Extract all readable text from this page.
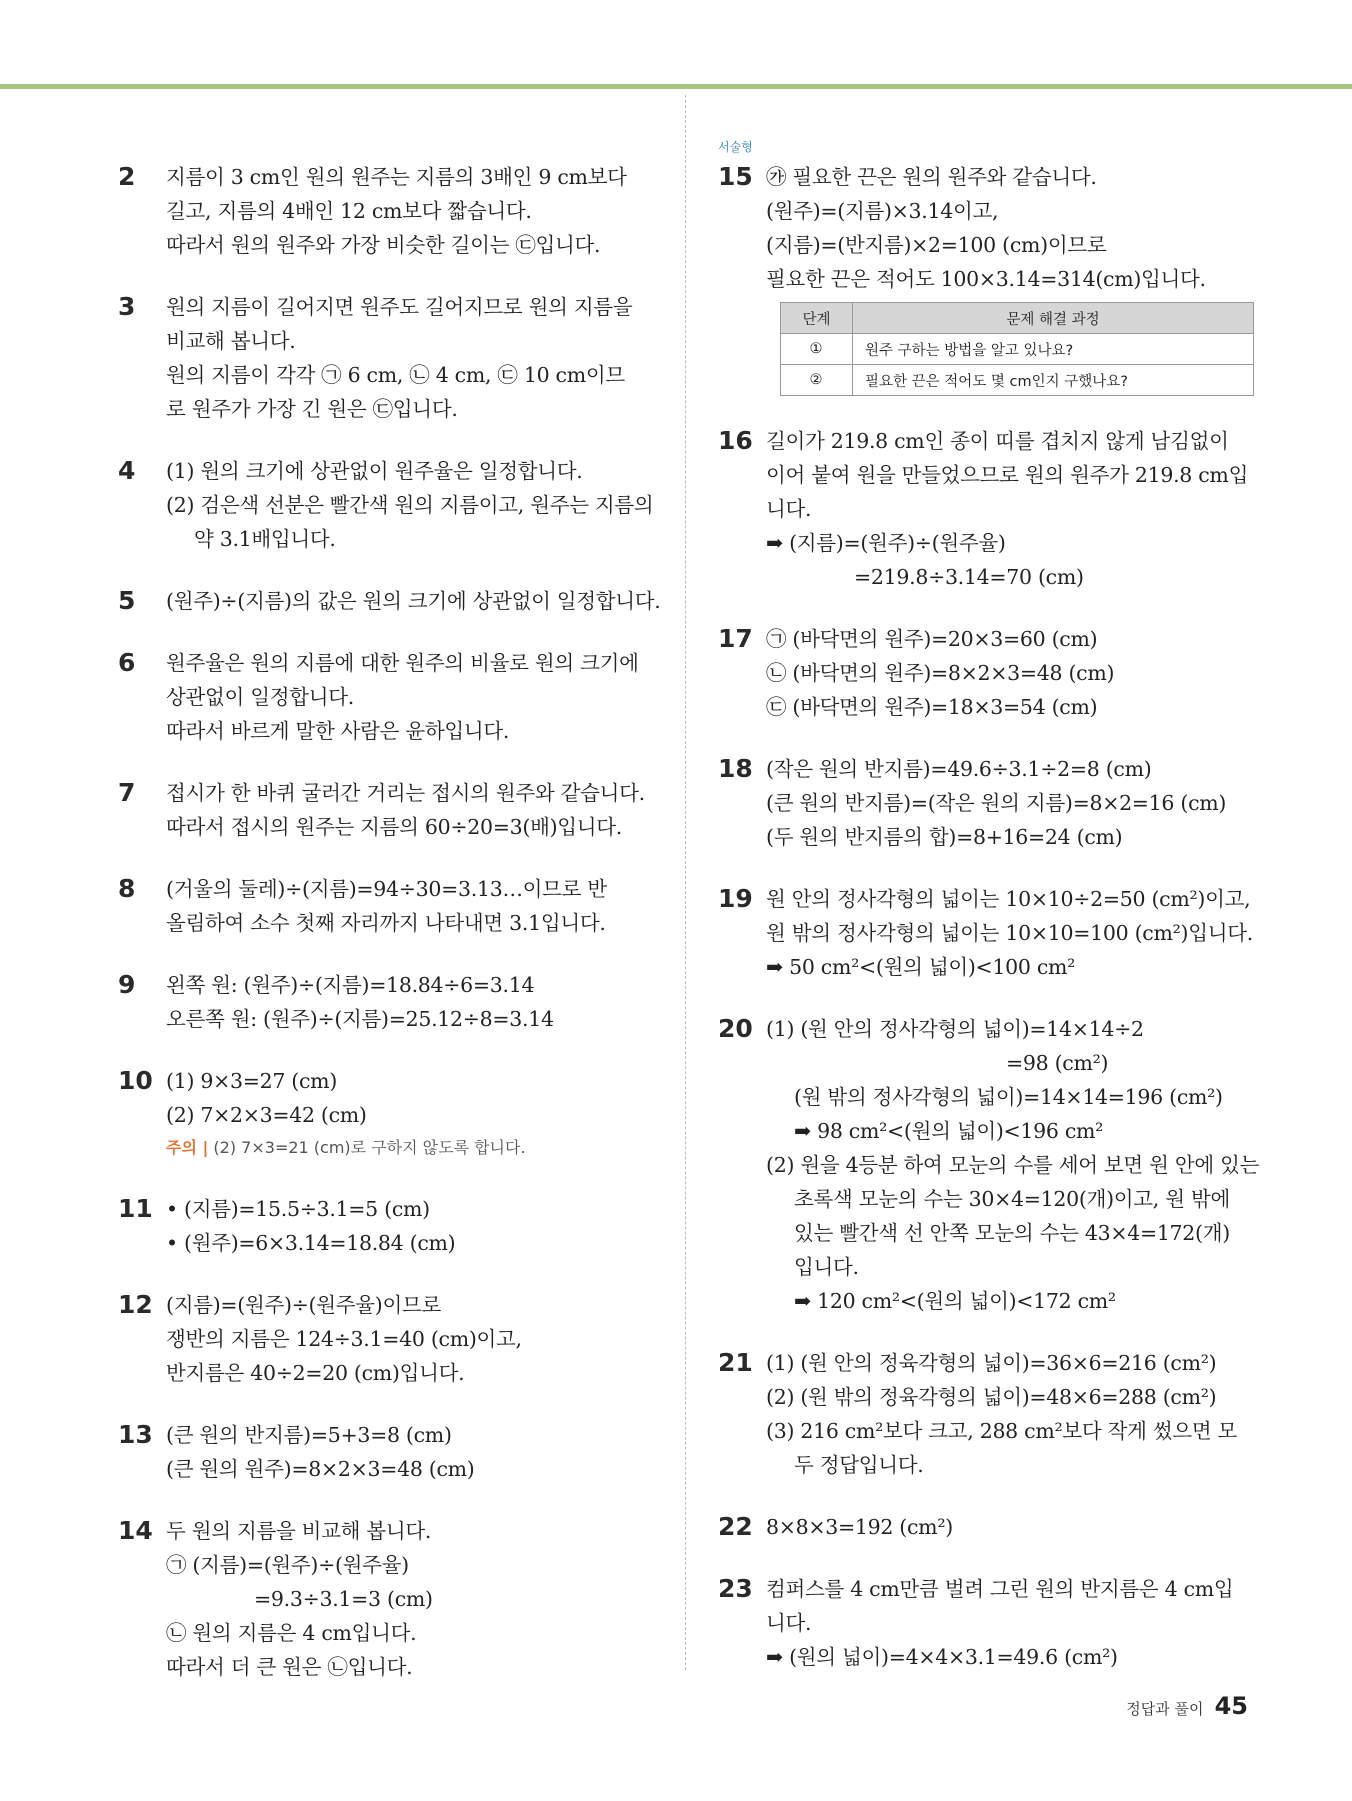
2	지름이 3 cm인 원의 원주는 지름의 3배인 9 cm보다
길고, 지름의 4배인 12 cm보다 짧습니다.
따라서 원의 원주와 가장 비슷한 길이는 ㉢입니다.
3	원의 지름이 길어지면 원주도 길어지므로 원의 지름을
비교해 봅니다.
원의 지름이 각각 ㉠ 6 cm, ㉡ 4 cm, ㉢ 10 cm이므
로 원주가 가장 긴 원은 ㉢입니다.
4	(1) 원의 크기에 상관없이 원주율은 일정합니다.
(2) 검은색 선분은 빨간색 원의 지름이고, 원주는 지름의
약 3.1배입니다.
5	(원주)÷(지름)의 값은 원의 크기에 상관없이 일정합니다.
6	원주율은 원의 지름에 대한 원주의 비율로 원의 크기에
상관없이 일정합니다.
따라서 바르게 말한 사람은 윤하입니다.
7	접시가 한 바퀴 굴러간 거리는 접시의 원주와 같습니다.
따라서 접시의 원주는 지름의 60÷20=3(배)입니다.
8	(거울의 둘레)÷(지름)=94÷30=3.13…이므로 반
올림하여 소수 첫째 자리까지 나타내면 3.1입니다.
9	왼쪽 원: (원주)÷(지름)=18.84÷6=3.14
오른쪽 원: (원주)÷(지름)=25.12÷8=3.14
10 (1) 9×3=27 (cm)
(2) 7×2×3=42 (cm)
주의 | (2) 7×3=21 (cm)로 구하지 않도록 합니다.
11 • (지름)=15.5÷3.1=5 (cm)
• (원주)=6×3.14=18.84 (cm)
12 (지름)=(원주)÷(원주율)이므로
쟁반의 지름은 124÷3.1=40 (cm)이고,
반지름은 40÷2=20 (cm)입니다.
13 (큰 원의 반지름)=5+3=8 (cm)
(큰 원의 원주)=8×2×3=48 (cm)
14 두 원의 지름을 비교해 봅니다.
㉠ (지름)=(원주)÷(원주율)
=9.3÷3.1=3 (cm)
㉡ 원의 지름은 4 cm입니다.
따라서 더 큰 원은 ㉡입니다.
서술형
15 ㉮ 필요한 끈은 원의 원주와 같습니다.
(원주)=(지름)×3.14이고,
(지름)=(반지름)×2=100 (cm)이므로
필요한 끈은 적어도 100×3.14=314(cm)입니다.
단계	문제 해결 과정
①	원주 구하는 방법을 알고 있나요?
②	필요한 끈은 적어도 몇 cm인지 구했나요?
16 길이가 219.8 cm인 종이 띠를 겹치지 않게 남김없이
이어 붙여 원을 만들었으므로 원의 원주가 219.8 cm입
니다.
➡ (지름)=(원주)÷(원주율)
=219.8÷3.14=70 (cm)
17 ㉠ (바닥면의 원주)=20×3=60 (cm)
㉡ (바닥면의 원주)=8×2×3=48 (cm)
㉢ (바닥면의 원주)=18×3=54 (cm)
18 (작은 원의 반지름)=49.6÷3.1÷2=8 (cm)
(큰 원의 반지름)=(작은 원의 지름)=8×2=16 (cm)
(두 원의 반지름의 합)=8+16=24 (cm)
19 원 안의 정사각형의 넓이는 10×10÷2=50 (cm²)이고,
원 밖의 정사각형의 넓이는 10×10=100 (cm²)입니다.
➡ 50 cm²<(원의 넓이)<100 cm²
20 (1) (원 안의 정사각형의 넓이)=14×14÷2
=98 (cm²)
(원 밖의 정사각형의 넓이)=14×14=196 (cm²)
➡ 98 cm²<(원의 넓이)<196 cm²
(2) 원을 4등분 하여 모눈의 수를 세어 보면 원 안에 있는
초록색 모눈의 수는 30×4=120(개)이고, 원 밖에
있는 빨간색 선 안쪽 모눈의 수는 43×4=172(개)
입니다.
➡ 120 cm²<(원의 넓이)<172 cm²
21 (1) (원 안의 정육각형의 넓이)=36×6=216 (cm²)
(2) (원 밖의 정육각형의 넓이)=48×6=288 (cm²)
(3) 216 cm²보다 크고, 288 cm²보다 작게 썼으면 모
두 정답입니다.
22 8×8×3=192 (cm²)
23 컴퍼스를 4 cm만큼 벌려 그린 원의 반지름은 4 cm입
니다.
➡ (원의 넓이)=4×4×3.1=49.6 (cm²)
정답과 풀이 45
